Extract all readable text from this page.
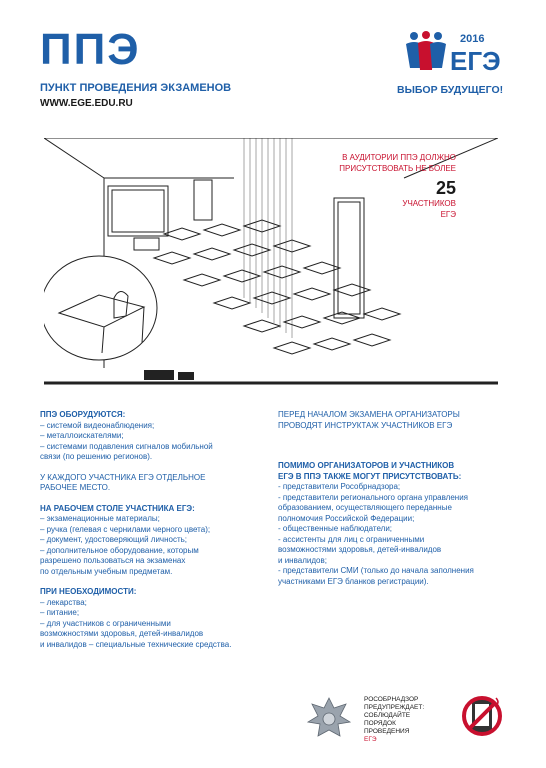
ППЭ
ПУНКТ ПРОВЕДЕНИЯ ЭКЗАМЕНОВ
WWW.EGE.EDU.RU
2016
ЕГЭ
ВЫБОР БУДУЩЕГО!
В АУДИТОРИИ ППЭ ДОЛЖНО
ПРИСУТСТВОВАТЬ НЕ БОЛЕЕ
25
УЧАСТНИКОВ
ЕГЭ

ППЭ ОБОРУДУЮТСЯ:

– системой видеонаблюдения;

– металлоискателями;

– системами подавления сигналов мобильной

связи (по решению регионов).

У КАЖДОГО УЧАСТНИКА ЕГЭ ОТДЕЛЬНОЕ

РАБОЧЕЕ МЕСТО.

НА РАБОЧЕМ СТОЛЕ УЧАСТНИКА ЕГЭ:

– экзаменационные материалы;

– ручка (гелевая с чернилами черного цвета);

– документ, удостоверяющий личность;

– дополнительное оборудование, которым

разрешено пользоваться на экзаменах

по отдельным учебным предметам.

ПРИ НЕОБХОДИМОСТИ:

– лекарства;

– питание;

– для участников с ограниченными

возможностями здоровья, детей-инвалидов

и инвалидов – специальные технические средства.

ПЕРЕД НАЧАЛОМ ЭКЗАМЕНА ОРГАНИЗАТОРЫ

ПРОВОДЯТ ИНСТРУКТАЖ УЧАСТНИКОВ ЕГЭ

ПОМИМО ОРГАНИЗАТОРОВ И УЧАСТНИКОВ

ЕГЭ В ППЭ ТАКЖЕ МОГУТ ПРИСУТСТВОВАТЬ:

- представители Рособрнадзора;

- представители регионального органа управления

образованием, осуществляющего переданные

полномочия Российской Федерации;

- общественные наблюдатели;

- ассистенты для лиц с ограниченными

возможностями здоровья, детей-инвалидов

и инвалидов;

- представители СМИ (только до начала заполнения

участниками ЕГЭ бланков регистрации).

РОСОБРНАДЗОР
ПРЕДУПРЕЖДАЕТ:
СОБЛЮДАЙТЕ
ПОРЯДОК
ПРОВЕДЕНИЯ
ЕГЭ
